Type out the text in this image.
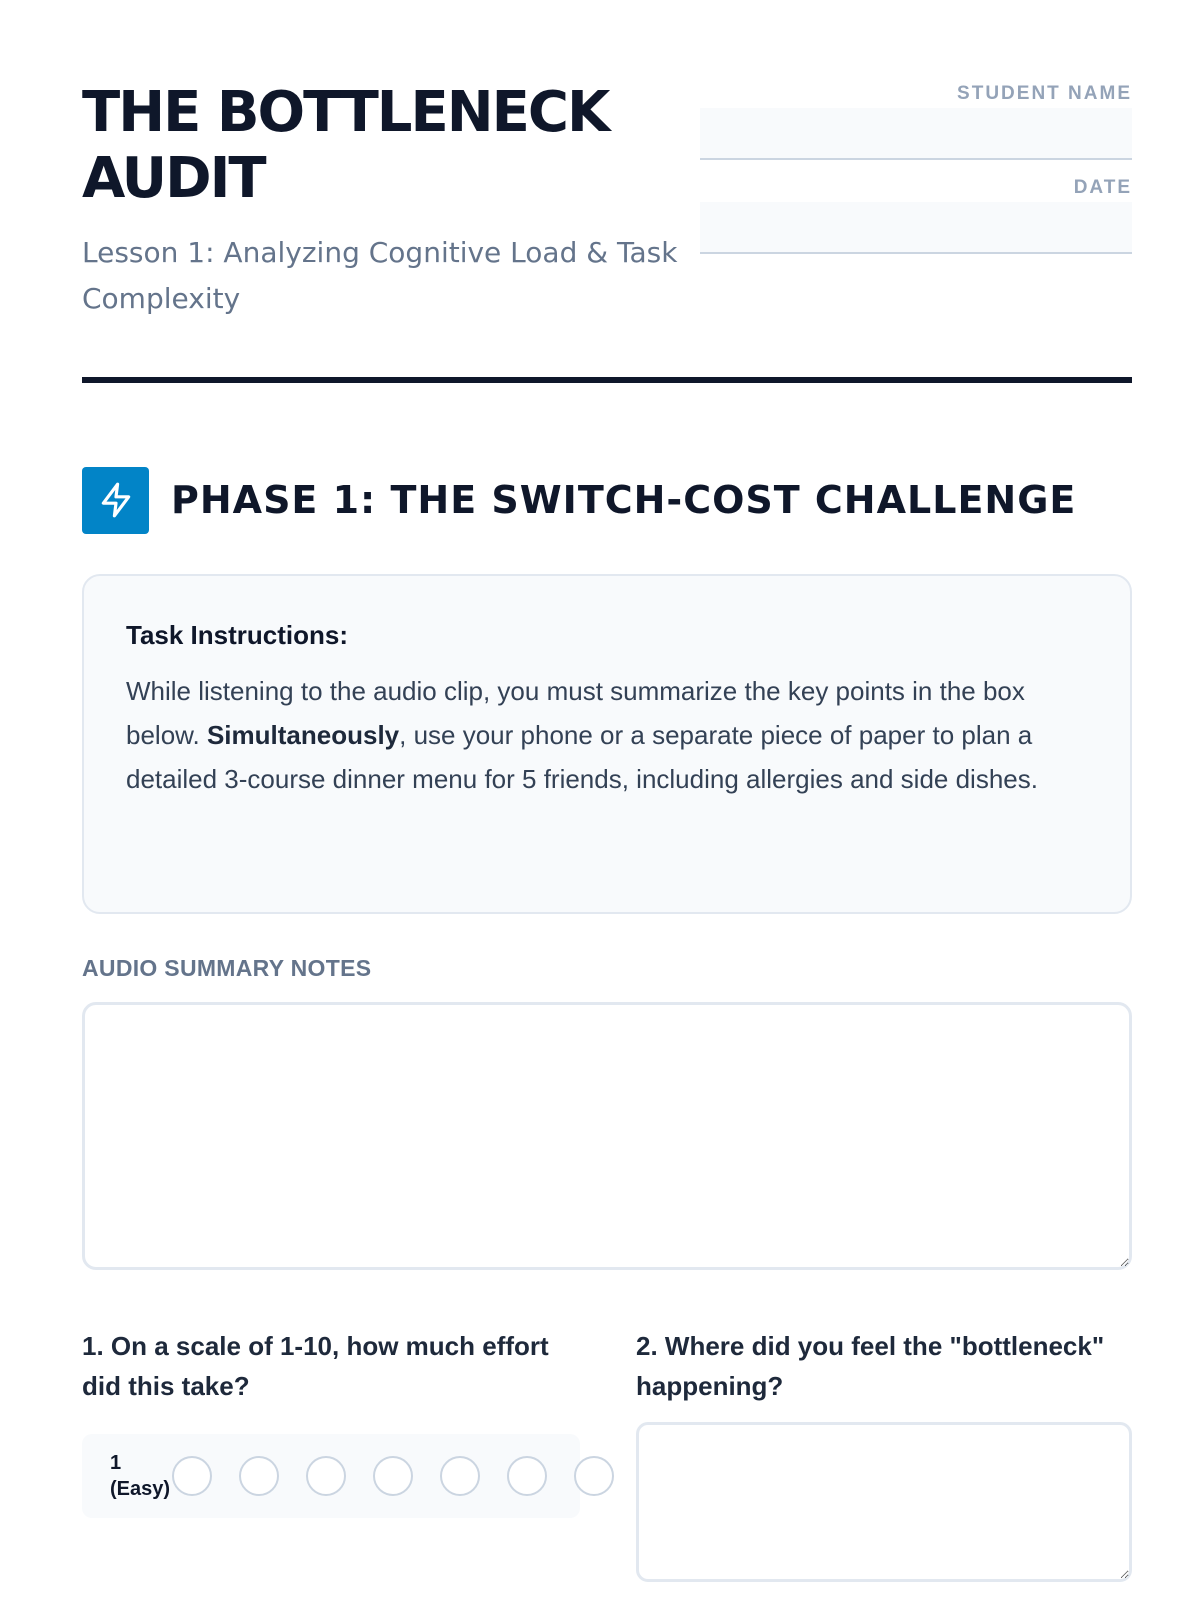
THE BOTTLENECK AUDIT
Lesson 1: Analyzing Cognitive Load & Task Complexity
STUDENT NAME
DATE
PHASE 1: THE SWITCH-COST CHALLENGE
Task Instructions:

While listening to the audio clip, you must summarize the key points in the box below. Simultaneously, use your phone or a separate piece of paper to plan a detailed 3-course dinner menu for 5 friends, including allergies and side dishes.

AUDIO SUMMARY NOTES
1. On a scale of 1-10, how much effort did this take?
1
(Easy)
2. Where did you feel the "bottleneck" happening?
